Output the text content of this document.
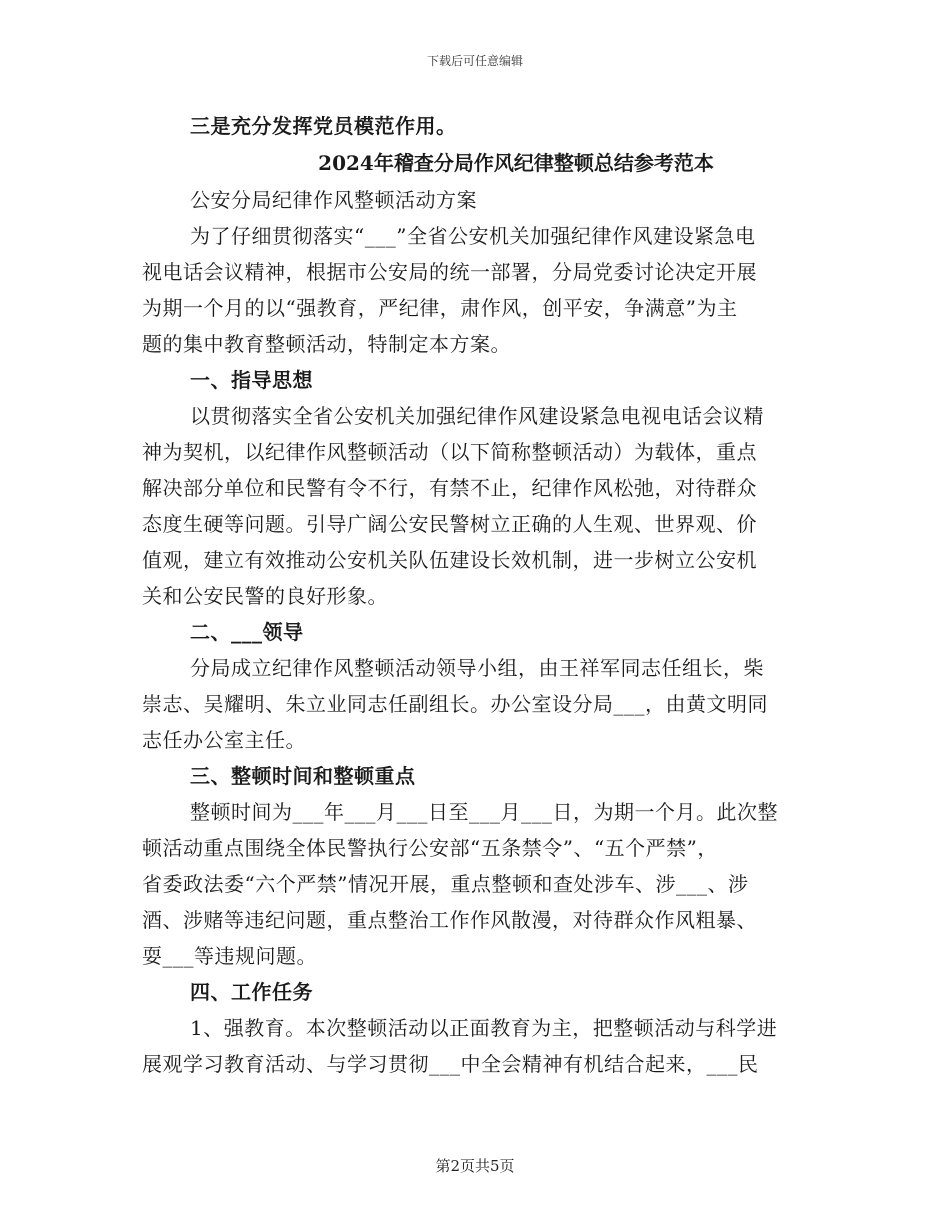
下载后可任意编辑
三是充分发挥党员模范作用。
2024年稽查分局作风纪律整顿总结参考范本
公安分局纪律作风整顿活动方案
为了仔细贯彻落实“___”全省公安机关加强纪律作风建设紧急电
视电话会议精神，根据市公安局的统一部署，分局党委讨论决定开展
为期一个月的以“强教育，严纪律，肃作风，创平安，争满意”为主
题的集中教育整顿活动，特制定本方案。
一、指导思想
以贯彻落实全省公安机关加强纪律作风建设紧急电视电话会议精
神为契机，以纪律作风整顿活动（以下简称整顿活动）为载体，重点
解决部分单位和民警有令不行，有禁不止，纪律作风松弛，对待群众
态度生硬等问题。引导广阔公安民警树立正确的人生观、世界观、价
值观，建立有效推动公安机关队伍建设长效机制，进一步树立公安机
关和公安民警的良好形象。
二、___领导
分局成立纪律作风整顿活动领导小组，由王祥军同志任组长，柴
崇志、吴耀明、朱立业同志任副组长。办公室设分局___，由黄文明同
志任办公室主任。
三、整顿时间和整顿重点
整顿时间为___年___月___日至___月___日，为期一个月。此次整
顿活动重点围绕全体民警执行公安部“五条禁令”、“五个严禁”，
省委政法委“六个严禁”情况开展，重点整顿和查处涉车、涉___、涉
酒、涉赌等违纪问题，重点整治工作作风散漫，对待群众作风粗暴、
耍___等违规问题。
四、工作任务
1、强教育。本次整顿活动以正面教育为主，把整顿活动与科学进
展观学习教育活动、与学习贯彻___中全会精神有机结合起来，___民
第2页共5页
